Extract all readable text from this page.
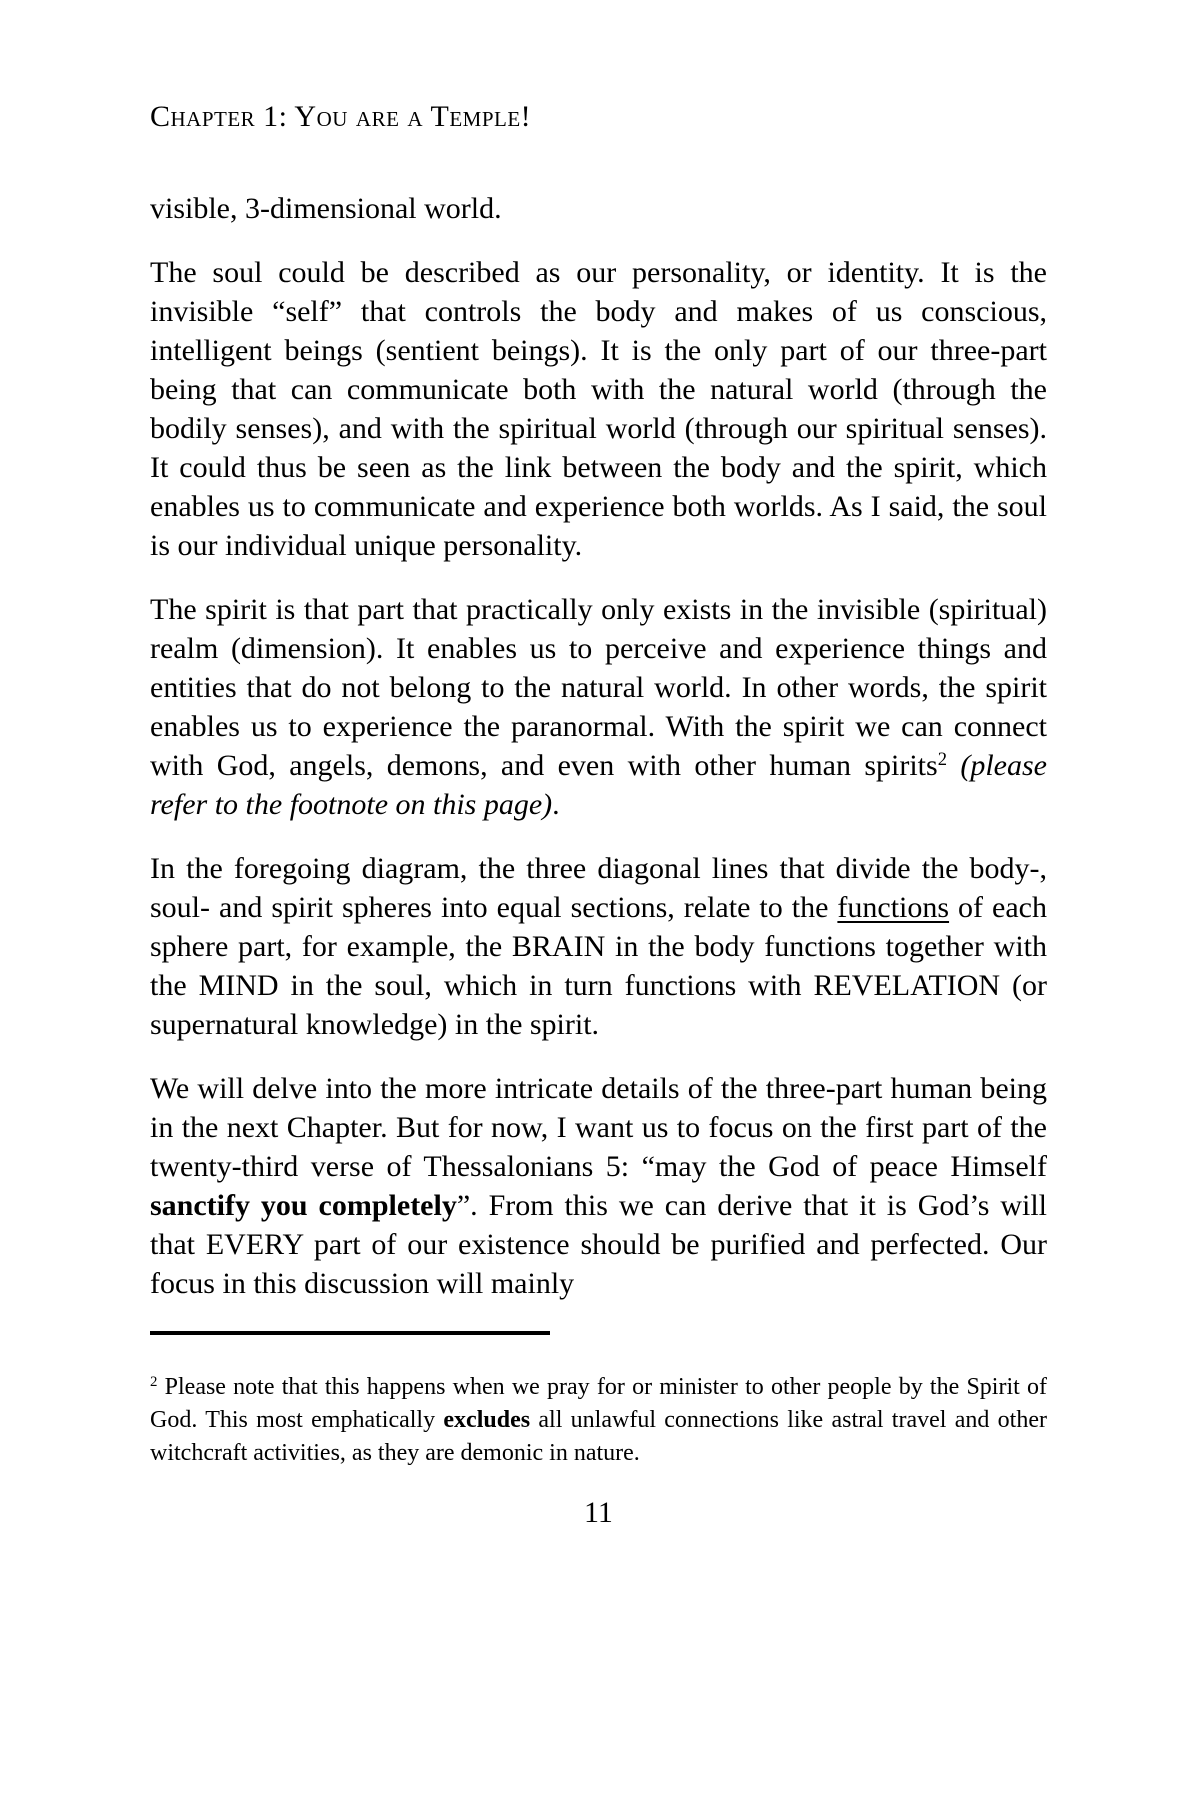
Chapter 1: You are a Temple!

visible, 3-dimensional world.

The soul could be described as our personality, or identity. It is the invisible “self” that controls the body and makes of us conscious, intelligent beings (sentient beings). It is the only part of our three-part being that can communicate both with the natural world (through the bodily senses), and with the spiritual world (through our spiritual senses). It could thus be seen as the link between the body and the spirit, which enables us to communicate and experience both worlds. As I said, the soul is our individual unique personality.

The spirit is that part that practically only exists in the invisible (spiritual) realm (dimension). It enables us to perceive and experience things and entities that do not belong to the natural world. In other words, the spirit enables us to experience the paranormal. With the spirit we can connect with God, angels, demons, and even with other human spirits$^2$ (please refer to the footnote on this page).

In the foregoing diagram, the three diagonal lines that divide the body-, soul- and spirit spheres into equal sections, relate to the functions of each sphere part, for example, the BRAIN in the body functions together with the MIND in the soul, which in turn functions with REVELATION (or supernatural knowledge) in the spirit.

We will delve into the more intricate details of the three-part human being in the next Chapter. But for now, I want us to focus on the first part of the twenty-third verse of Thessalonians 5: “may the God of peace Himself sanctify you completely”. From this we can derive that it is God’s will that EVERY part of our existence should be purified and perfected. Our focus in this discussion will mainly

$^2$ Please note that this happens when we pray for or minister to other people by the Spirit of God. This most emphatically excludes all unlawful connections like astral travel and other witchcraft activities, as they are demonic in nature.

11
